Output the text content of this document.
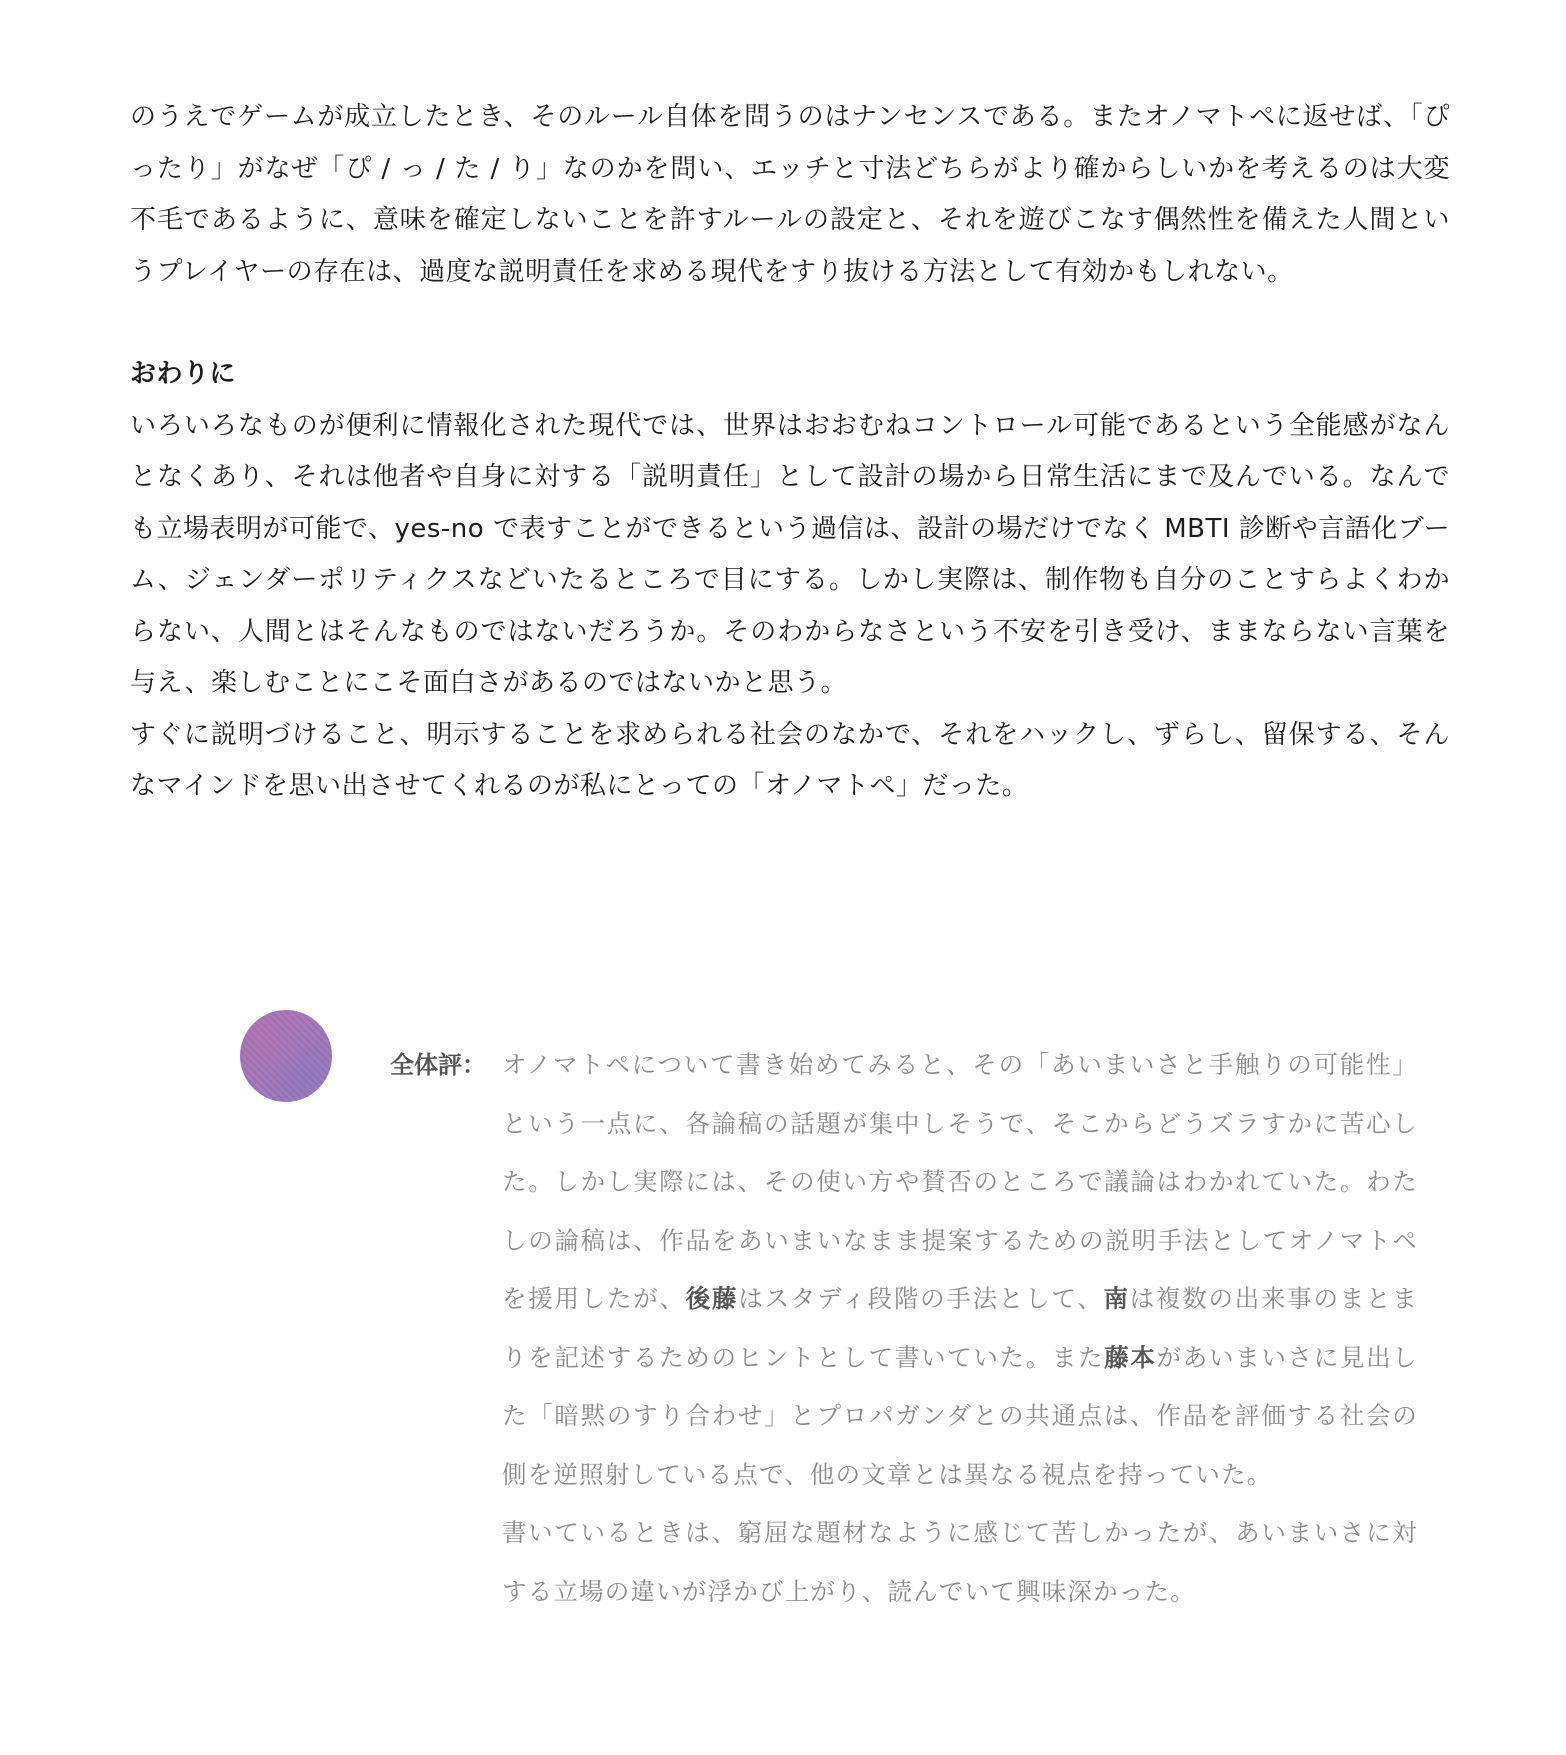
のうえでゲームが成立したとき、そのルール自体を問うのはナンセンスである。またオノマトペに返せば、「ぴったり」がなぜ「ぴ / っ / た / り」なのかを問い、エッチと寸法どちらがより確からしいかを考えるのは大変不毛であるように、意味を確定しないことを許すルールの設定と、それを遊びこなす偶然性を備えた人間というプレイヤーの存在は、過度な説明責任を求める現代をすり抜ける方法として有効かもしれない。

おわりに

いろいろなものが便利に情報化された現代では、世界はおおむねコントロール可能であるという全能感がなんとなくあり、それは他者や自身に対する「説明責任」として設計の場から日常生活にまで及んでいる。なんでも立場表明が可能で、yes-no で表すことができるという過信は、設計の場だけでなく MBTI 診断や言語化ブーム、ジェンダーポリティクスなどいたるところで目にする。しかし実際は、制作物も自分のことすらよくわからない、人間とはそんなものではないだろうか。そのわからなさという不安を引き受け、ままならない言葉を与え、楽しむことにこそ面白さがあるのではないかと思う。

すぐに説明づけること、明示することを求められる社会のなかで、それをハックし、ずらし、留保する、そんなマインドを思い出させてくれるのが私にとっての「オノマトペ」だった。

全体評： オノマトペについて書き始めてみると、その「あいまいさと手触りの可能性」という一点に、各論稿の話題が集中しそうで、そこからどうズラすかに苦心した。しかし実際には、その使い方や賛否のところで議論はわかれていた。わたしの論稿は、作品をあいまいなまま提案するための説明手法としてオノマトペを援用したが、後藤はスタディ段階の手法として、南は複数の出来事のまとまりを記述するためのヒントとして書いていた。また藤本があいまいさに見出した「暗黙のすり合わせ」とプロパガンダとの共通点は、作品を評価する社会の側を逆照射している点で、他の文章とは異なる視点を持っていた。

書いているときは、窮屈な題材なように感じて苦しかったが、あいまいさに対する立場の違いが浮かび上がり、読んでいて興味深かった。
